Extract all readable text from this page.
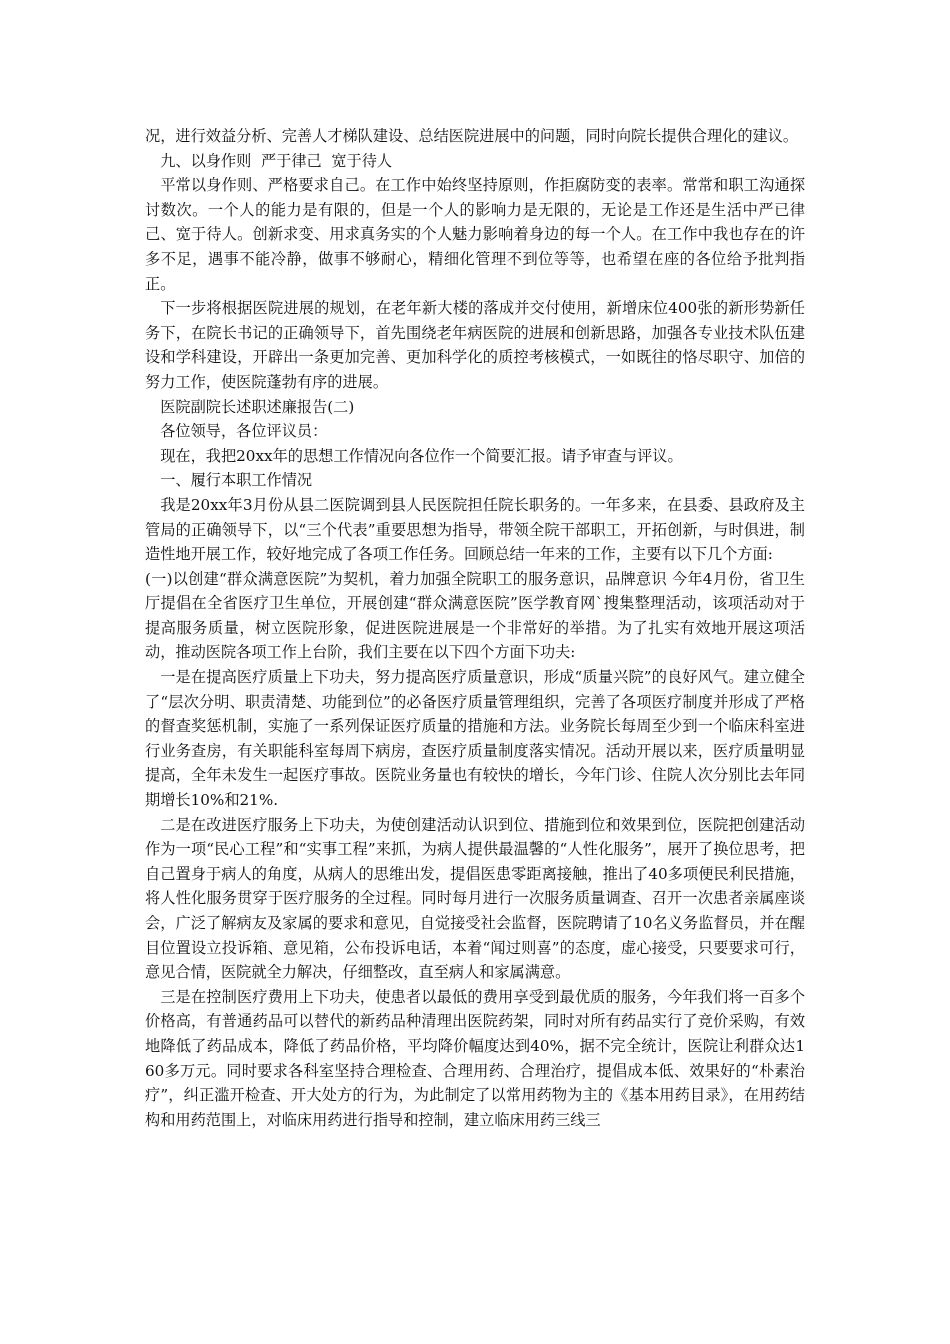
况，进行效益分析、完善人才梯队建设、总结医院进展中的问题，同时向院长提供合理化的建议。

九、以身作则  严于律己  宽于待人

平常以身作则、严格要求自己。在工作中始终坚持原则，作拒腐防变的表率。常常和职工沟通探讨数次。一个人的能力是有限的，但是一个人的影响力是无限的，无论是工作还是生活中严已律己、宽于待人。创新求变、用求真务实的个人魅力影响着身边的每一个人。在工作中我也存在的许多不足，遇事不能冷静，做事不够耐心，精细化管理不到位等等，也希望在座的各位给予批判指正。

下一步将根据医院进展的规划，在老年新大楼的落成并交付使用，新增床位400张的新形势新任务下，在院长书记的正确领导下，首先围绕老年病医院的进展和创新思路，加强各专业技术队伍建设和学科建设，开辟出一条更加完善、更加科学化的质控考核模式，一如既往的恪尽职守、加倍的努力工作，使医院蓬勃有序的进展。

医院副院长述职述廉报告(二)

各位领导，各位评议员：

现在，我把20xx年的思想工作情况向各位作一个简要汇报。请予审查与评议。

一、履行本职工作情况

我是20xx年3月份从县二医院调到县人民医院担任院长职务的。一年多来，在县委、县政府及主管局的正确领导下，以“三个代表”重要思想为指导，带领全院干部职工，开拓创新，与时俱进，制造性地开展工作，较好地完成了各项工作任务。回顾总结一年来的工作，主要有以下几个方面:

(一)以创建“群众满意医院”为契机，着力加强全院职工的服务意识，品牌意识 今年4月份，省卫生厅提倡在全省医疗卫生单位，开展创建“群众满意医院”医学教育网`搜集整理活动，该项活动对于提高服务质量，树立医院形象，促进医院进展是一个非常好的举措。为了扎实有效地开展这项活动，推动医院各项工作上台阶，我们主要在以下四个方面下功夫:

一是在提高医疗质量上下功夫，努力提高医疗质量意识，形成“质量兴院”的良好风气。建立健全了“层次分明、职责清楚、功能到位”的必备医疗质量管理组织，完善了各项医疗制度并形成了严格的督查奖惩机制，实施了一系列保证医疗质量的措施和方法。业务院长每周至少到一个临床科室进行业务查房，有关职能科室每周下病房，查医疗质量制度落实情况。活动开展以来，医疗质量明显提高，全年未发生一起医疗事故。医院业务量也有较快的增长，今年门诊、住院人次分别比去年同期增长10%和21%.

二是在改进医疗服务上下功夫，为使创建活动认识到位、措施到位和效果到位，医院把创建活动作为一项“民心工程”和“实事工程”来抓，为病人提供最温馨的“人性化服务”，展开了换位思考，把自己置身于病人的角度，从病人的思维出发，提倡医患零距离接触，推出了40多项便民利民措施，将人性化服务贯穿于医疗服务的全过程。同时每月进行一次服务质量调查、召开一次患者亲属座谈会，广泛了解病友及家属的要求和意见，自觉接受社会监督，医院聘请了10名义务监督员，并在醒目位置设立投诉箱、意见箱，公布投诉电话，本着“闻过则喜”的态度，虚心接受，只要要求可行，意见合情，医院就全力解决，仔细整改，直至病人和家属满意。

三是在控制医疗费用上下功夫，使患者以最低的费用享受到最优质的服务，今年我们将一百多个价格高，有普通药品可以替代的新药品种清理出医院药架，同时对所有药品实行了竞价采购，有效地降低了药品成本，降低了药品价格，平均降价幅度达到40%，据不完全统计，医院让利群众达160多万元。同时要求各科室坚持合理检查、合理用药、合理治疗，提倡成本低、效果好的“朴素治疗”，纠正滥开检查、开大处方的行为，为此制定了以常用药物为主的《基本用药目录》，在用药结构和用药范围上，对临床用药进行指导和控制，建立临床用药三线三
